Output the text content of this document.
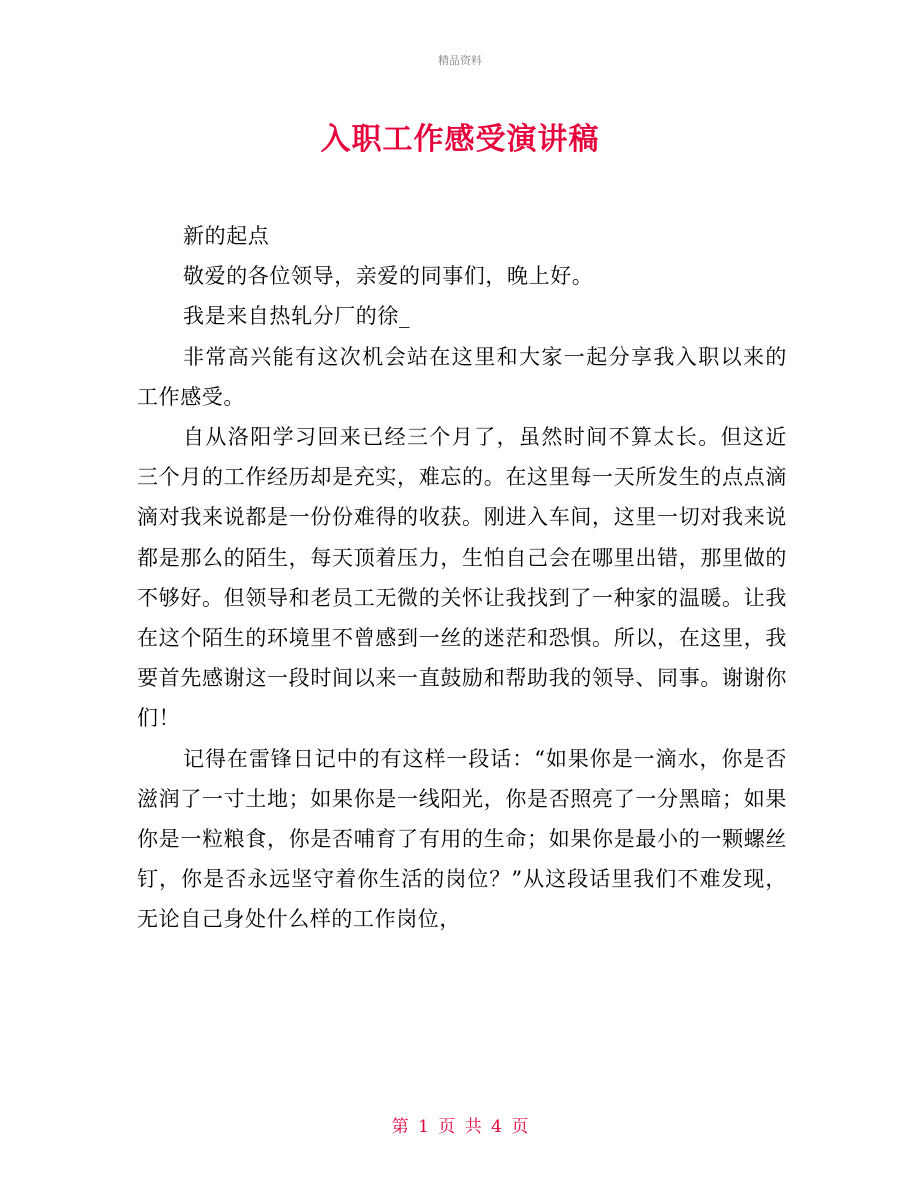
精品资料
入职工作感受演讲稿

新的起点

敬爱的各位领导，亲爱的同事们，晚上好。

我是来自热轧分厂的徐_

非常高兴能有这次机会站在这里和大家一起分享我入职以来的工作感受。

自从洛阳学习回来已经三个月了，虽然时间不算太长。但这近三个月的工作经历却是充实，难忘的。在这里每一天所发生的点点滴滴对我来说都是一份份难得的收获。刚进入车间，这里一切对我来说都是那么的陌生，每天顶着压力，生怕自己会在哪里出错，那里做的不够好。但领导和老员工无微的关怀让我找到了一种家的温暖。让我在这个陌生的环境里不曾感到一丝的迷茫和恐惧。所以，在这里，我要首先感谢这一段时间以来一直鼓励和帮助我的领导、同事。谢谢你们！

记得在雷锋日记中的有这样一段话：“如果你是一滴水，你是否滋润了一寸土地；如果你是一线阳光，你是否照亮了一分黑暗；如果你是一粒粮食，你是否哺育了有用的生命；如果你是最小的一颗螺丝钉，你是否永远坚守着你生活的岗位？”从这段话里我们不难发现，无论自己身处什么样的工作岗位，

第 1 页 共 4 页
